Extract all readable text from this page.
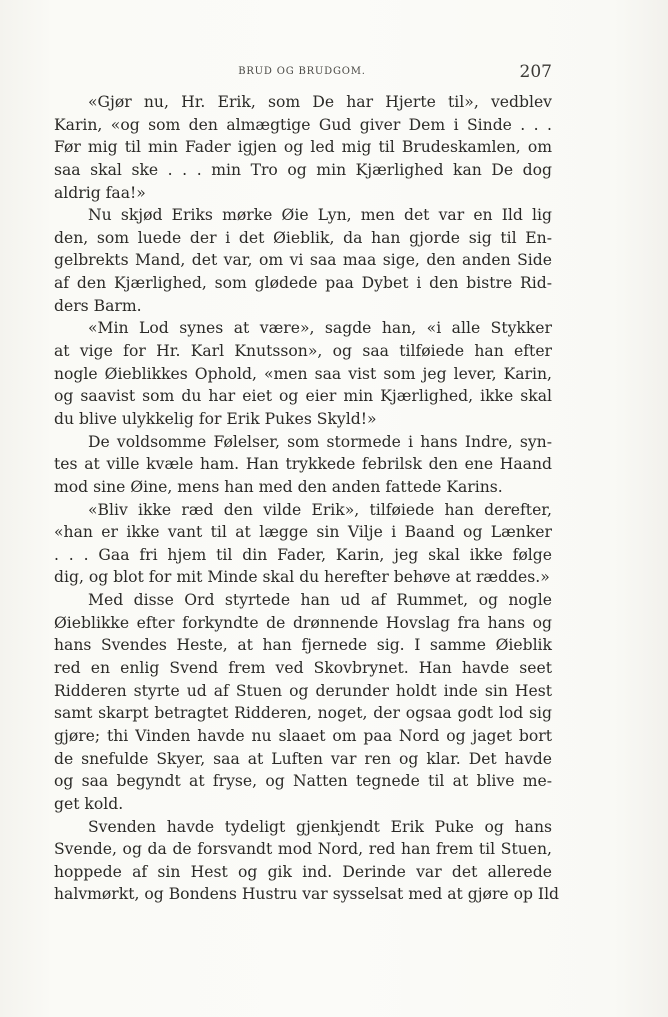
BRUD OG BRUDGOM.	207
«Gjør nu, Hr. Erik, som De har Hjerte til», vedblev
Karin, «og som den almægtige Gud giver Dem i Sinde . . .
Før mig til min Fader igjen og led mig til Brudeskamlen, om
saa skal ske . . . min Tro og min Kjærlighed kan De dog
aldrig faa!»
Nu skjød Eriks mørke Øie Lyn, men det var en Ild lig
den, som luede der i det Øieblik, da han gjorde sig til En-
gelbrekts Mand, det var, om vi saa maa sige, den anden Side
af den Kjærlighed, som glødede paa Dybet i den bistre Rid-
ders Barm.
«Min Lod synes at være», sagde han, «i alle Stykker
at vige for Hr. Karl Knutsson», og saa tilføiede han efter
nogle Øieblikkes Ophold, «men saa vist som jeg lever, Karin,
og saavist som du har eiet og eier min Kjærlighed, ikke skal
du blive ulykkelig for Erik Pukes Skyld!»
De voldsomme Følelser, som stormede i hans Indre, syn-
tes at ville kvæle ham. Han trykkede febrilsk den ene Haand
mod sine Øine, mens han med den anden fattede Karins.
«Bliv ikke ræd den vilde Erik», tilføiede han derefter,
«han er ikke vant til at lægge sin Vilje i Baand og Lænker
. . . Gaa fri hjem til din Fader, Karin, jeg skal ikke følge
dig, og blot for mit Minde skal du herefter behøve at ræddes.»
Med disse Ord styrtede han ud af Rummet, og nogle
Øieblikke efter forkyndte de drønnende Hovslag fra hans og
hans Svendes Heste, at han fjernede sig. I samme Øieblik
red en enlig Svend frem ved Skovbrynet. Han havde seet
Ridderen styrte ud af Stuen og derunder holdt inde sin Hest
samt skarpt betragtet Ridderen, noget, der ogsaa godt lod sig
gjøre; thi Vinden havde nu slaaet om paa Nord og jaget bort
de snefulde Skyer, saa at Luften var ren og klar. Det havde
og saa begyndt at fryse, og Natten tegnede til at blive me-
get kold.
Svenden havde tydeligt gjenkjendt Erik Puke og hans
Svende, og da de forsvandt mod Nord, red han frem til Stuen,
hoppede af sin Hest og gik ind. Derinde var det allerede
halvmørkt, og Bondens Hustru var sysselsat med at gjøre op Ild
